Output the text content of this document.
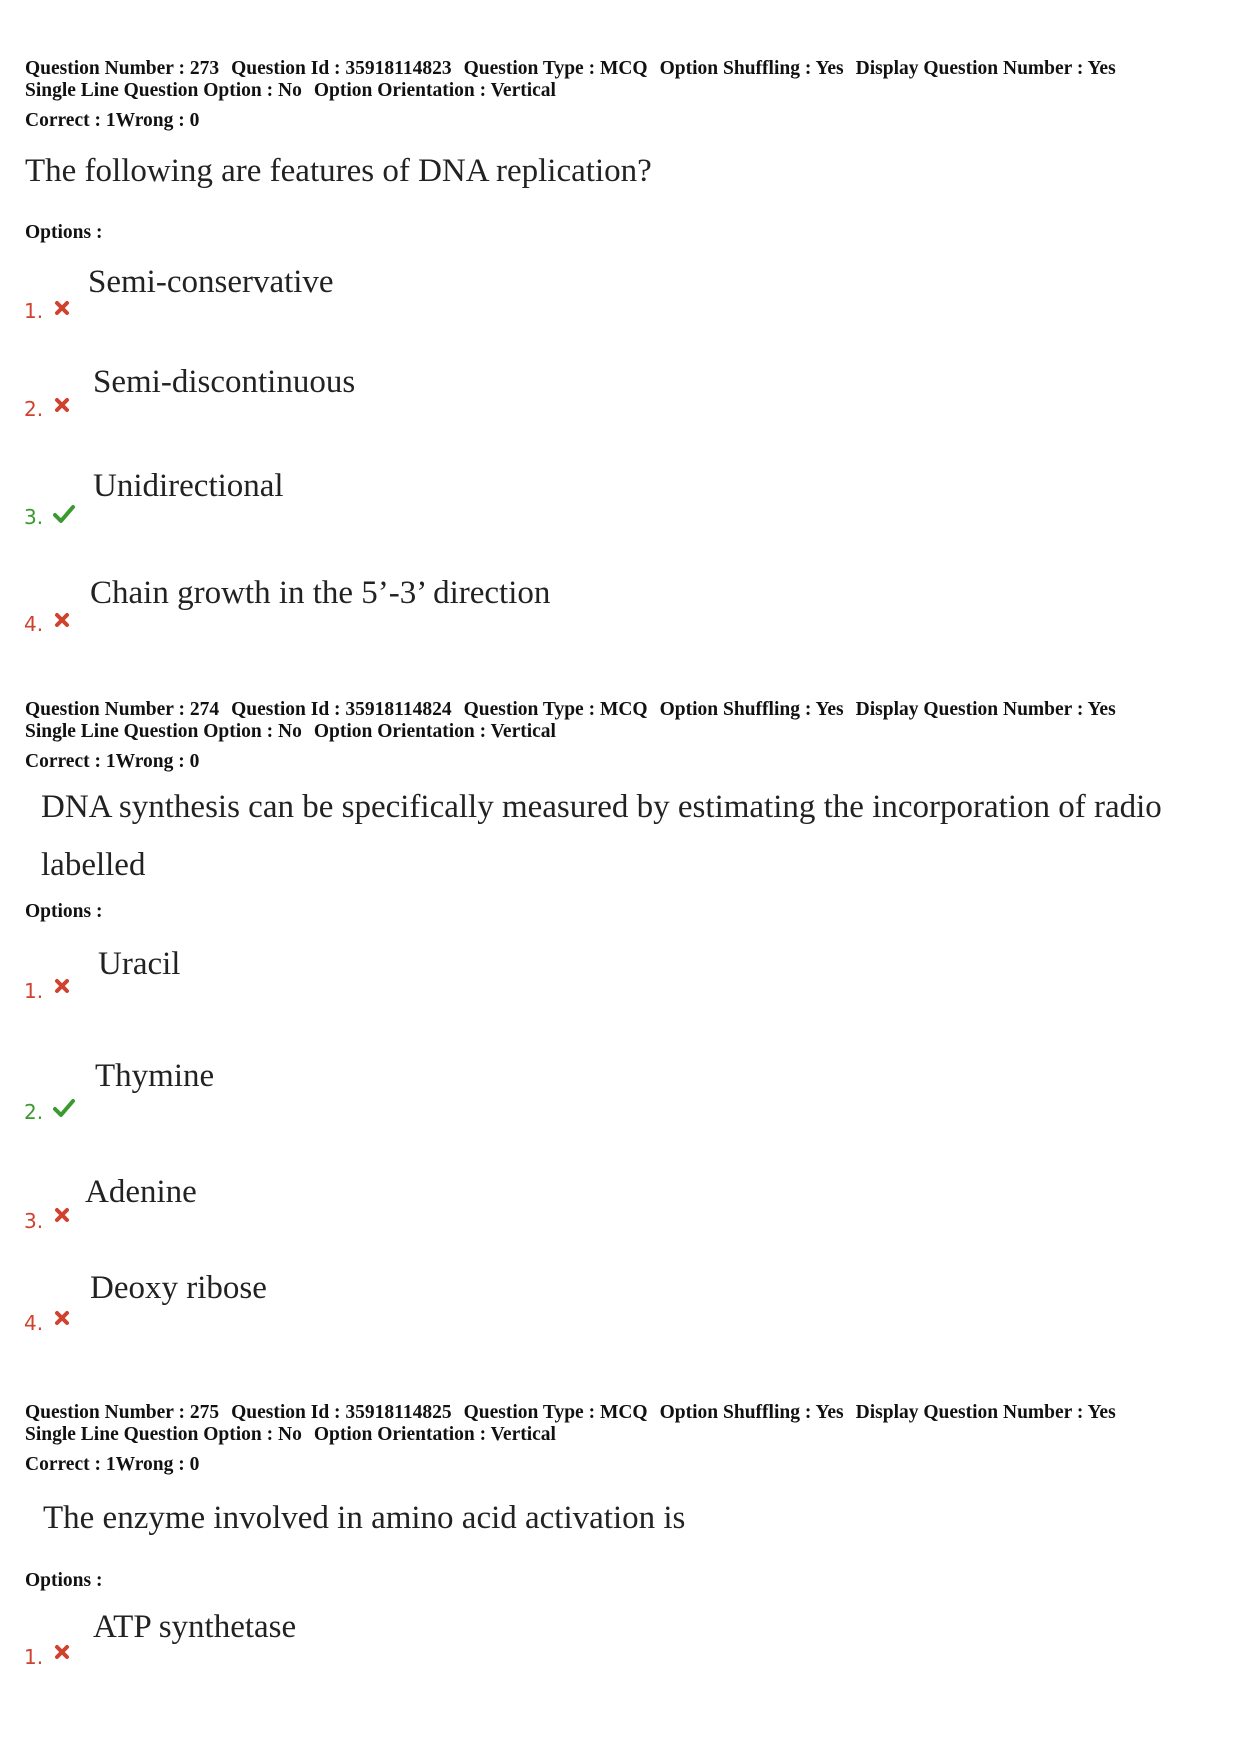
Question Number : 273 Question Id : 35918114823 Question Type : MCQ Option Shuffling : Yes Display Question Number : Yes
Single Line Question Option : No Option Orientation : Vertical
Correct : 1Wrong : 0
The following are features of DNA replication?
Options :
1.
Semi-conservative
2.
Semi-discontinuous
3.
Unidirectional
4.
Chain growth in the 5’-3’ direction
Question Number : 274 Question Id : 35918114824 Question Type : MCQ Option Shuffling : Yes Display Question Number : Yes
Single Line Question Option : No Option Orientation : Vertical
Correct : 1Wrong : 0
DNA synthesis can be specifically measured by estimating the incorporation of radio
labelled
Options :
1.
Uracil
2.
Thymine
3.
Adenine
4.
Deoxy ribose
Question Number : 275 Question Id : 35918114825 Question Type : MCQ Option Shuffling : Yes Display Question Number : Yes
Single Line Question Option : No Option Orientation : Vertical
Correct : 1Wrong : 0
The enzyme involved in amino acid activation is
Options :
1.
ATP synthetase
